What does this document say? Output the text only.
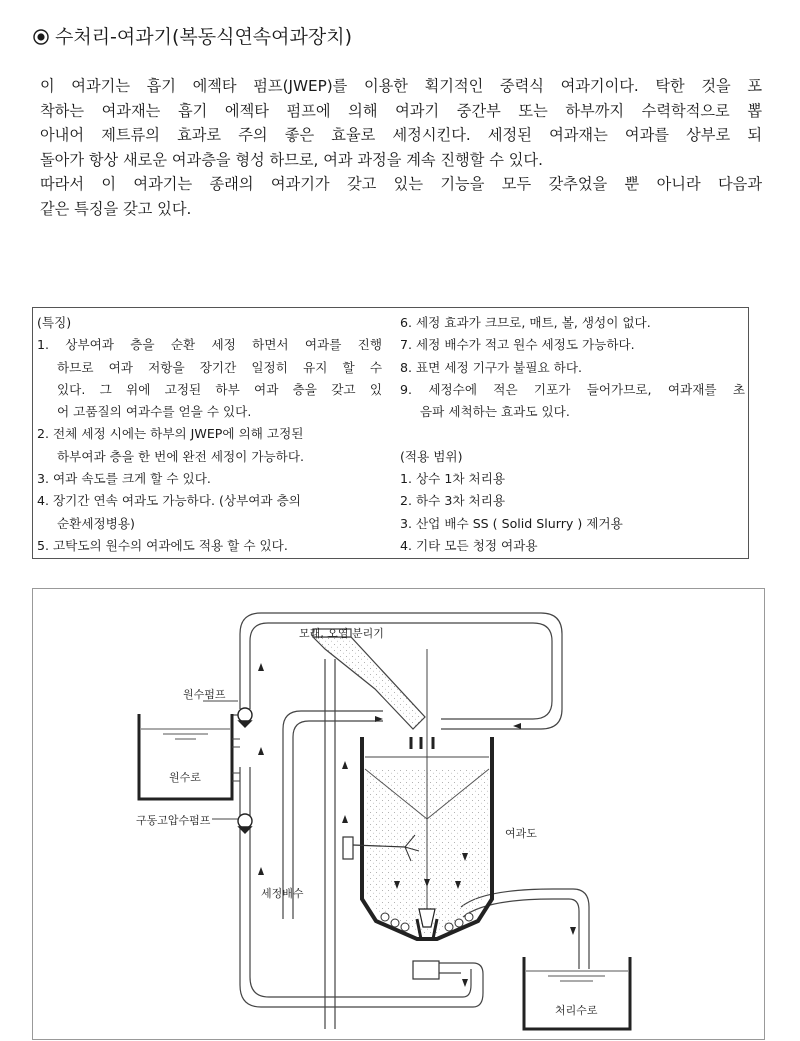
수처리-여과기(복동식연속여과장치)
이 여과기는 흡기 에젝타 펌프(JWEP)를 이용한 획기적인 중력식 여과기이다. 탁한 것을 포
착하는 여과재는 흡기 에젝타 펌프에 의해 여과기 중간부 또는 하부까지 수력학적으로 뽑
아내어 제트류의 효과로 주의 좋은 효율로 세정시킨다. 세정된 여과재는 여과를 상부로 되
돌아가 항상 새로운 여과층을 형성 하므로, 여과 과정을 계속 진행할 수 있다.
따라서 이 여과기는 종래의 여과기가 갖고 있는 기능을 모두 갖추었을 뿐 아니라 다음과
같은 특징을 갖고 있다.
(특징)
1. 상부여과 층을 순환 세정 하면서 여과를 진행
하므로 여과 저항을 장기간 일정히 유지 할 수
있다. 그 위에 고정된 하부 여과 층을 갖고 있
어 고품질의 여과수를 얻을 수 있다.
2. 전체 세정 시에는 하부의 JWEP에 의해 고정된
하부여과 층을 한 번에 완전 세정이 가능하다.
3. 여과 속도를 크게 할 수 있다.
4. 장기간 연속 여과도 가능하다. (상부여과 층의
순환세정병용)
5. 고탁도의 원수의 여과에도 적용 할 수 있다.
6. 세정 효과가 크므로, 매트, 볼, 생성이 없다.
7. 세정 배수가 적고 원수 세정도 가능하다.
8. 표면 세정 기구가 불필요 하다.
9. 세정수에 적은 기포가 들어가므로, 여과재를 초
음파 세척하는 효과도 있다.
(적용 범위)
1. 상수 1차 처리용
2. 하수 3차 처리용
3. 산업 배수 SS ( Solid Slurry ) 제거용
4. 기타 모든 청정 여과용
모래, 오염 분리기
원수펌프
원수로
구동고압수펌프
여과도
세정배수
처리수로
